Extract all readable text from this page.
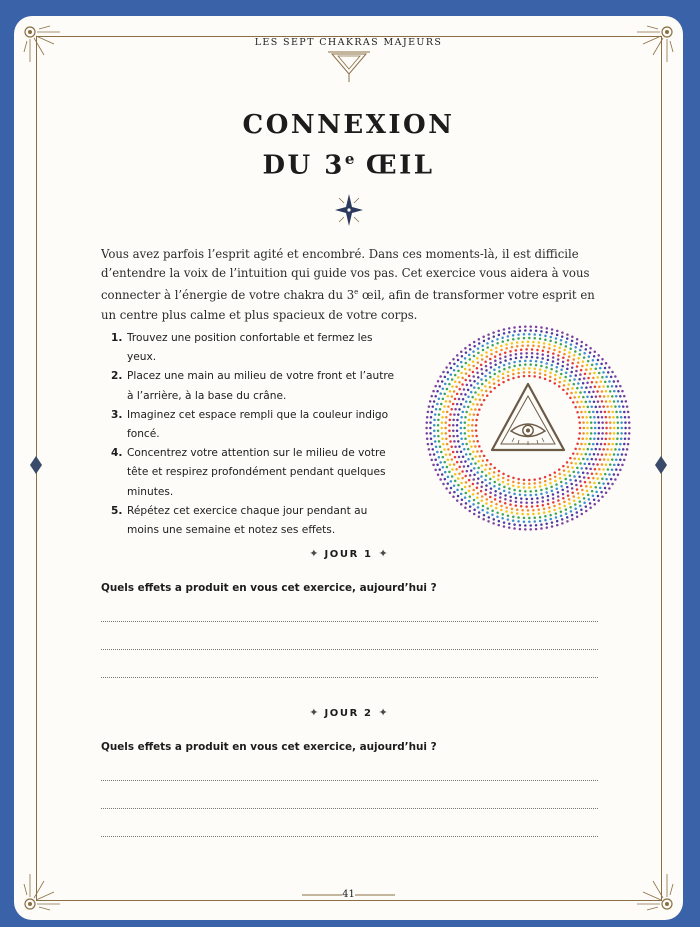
LES SEPT CHAKRAS MAJEURS
CONNEXION
DU 3e ŒIL

Vous avez parfois l’esprit agité et encombré. Dans ces moments-là, il est difficile d’entendre la voix de l’intuition qui guide vos pas. Cet exercice vous aidera à vous connecter à l’énergie de votre chakra du 3e œil, afin de transformer votre esprit en un centre plus calme et plus spacieux de votre corps.

1. Trouvez une position confortable et fermez les yeux.
2. Placez une main au milieu de votre front et l’autre à l’arrière, à la base du crâne.
3. Imaginez cet espace rempli que la couleur indigo foncé.
4. Concentrez votre attention sur le milieu de votre tête et respirez profondément pendant quelques minutes.
5. Répétez cet exercice chaque jour pendant au moins une semaine et notez ses effets.
✦ JOUR 1 ✦
Quels effets a produit en vous cet exercice, aujourd’hui ?
✦ JOUR 2 ✦
Quels effets a produit en vous cet exercice, aujourd’hui ?
41
